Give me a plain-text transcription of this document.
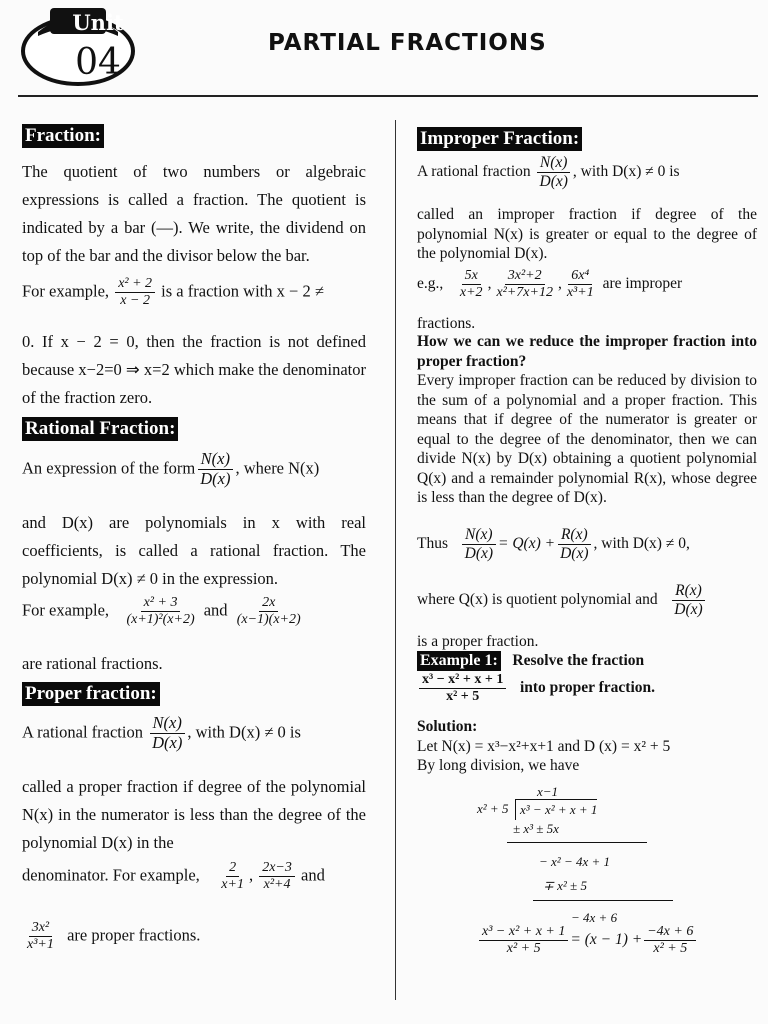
Unit
04	PARTIAL FRACTIONS
Fraction:
The quotient of two numbers or algebraic expressions is called a fraction. The quotient is indicated by a bar (—). We write, the dividend on top of the bar and the divisor below the bar.
For example, $\frac{\text{x² + 2}}{x - 2}$ is a fraction with x − 2 ≠
0. If x − 2 = 0, then the fraction is not defined because x−2=0 ⇒ x=2 which make the denominator of the fraction zero.
Rational Fraction:
An expression of the form $\frac{N(x)}{D(x)}$ , where N(x)
and D(x) are polynomials in x with real coefficients, is called a rational fraction. The polynomial D(x) ≠ 0 in the expression.
For example, $\frac{\text{x² + 3}}{\text{(x+1)²(x+2)}}$ and $\frac{2x}{(x-1)(x+2)}$
are rational fractions.
Proper fraction:
A rational fraction $\frac{N(x)}{D(x)}$ , with D(x) ≠ 0 is
called a proper fraction if degree of the polynomial N(x) in the numerator is less than the degree of the polynomial D(x) in the
denominator. For example, $\frac{2}{x+1}$ , $\frac{2x-3}{\text{x²+4}}$ and
$\frac{\text{3x²}}{\text{x³+1}}$ are proper fractions.
Improper Fraction:
A rational fraction $\frac{N(x)}{D(x)}$ , with D(x) ≠ 0 is
called an improper fraction if degree of the polynomial N(x) is greater or equal to the degree of the polynomial D(x).
e.g., $\frac{5x}{x+2}$ , $\frac{\text{3x²+2}}{\text{x²+7x+12}}$ , $\frac{\text{6x⁴}}{\text{x³+1}}$ are improper
fractions.
How we can we reduce the improper fraction into proper fraction?
Every improper fraction can be reduced by division to the sum of a polynomial and a proper fraction. This means that if degree of the numerator is greater or equal to the degree of the denominator, then we can divide N(x) by D(x) obtaining a quotient polynomial Q(x) and a remainder polynomial R(x), whose degree is less than the degree of D(x).
Thus $\frac{N(x)}{D(x)} = Q(x) + \frac{R(x)}{D(x)}$ , with D(x) ≠ 0,
where Q(x) is quotient polynomial and $\frac{R(x)}{D(x)}$
is a proper fraction.
Example 1: Resolve the fraction
$\frac{\text{x³ − x² + x + 1}}{\text{x² + 5}}$ into proper fraction.
Solution:
Let N(x) = x³−x²+x+1 and D (x) = x² + 5
By long division, we have
x−1
x² + 5 x³ − x² + x + 1
± x³ ± 5x
− x² − 4x + 1
∓ x² ± 5
− 4x + 6
$\frac{\text{x³ − x² + x + 1}}{\text{x² + 5}} = (x - 1) + \frac{-4x + 6}{\text{x² + 5}}$
